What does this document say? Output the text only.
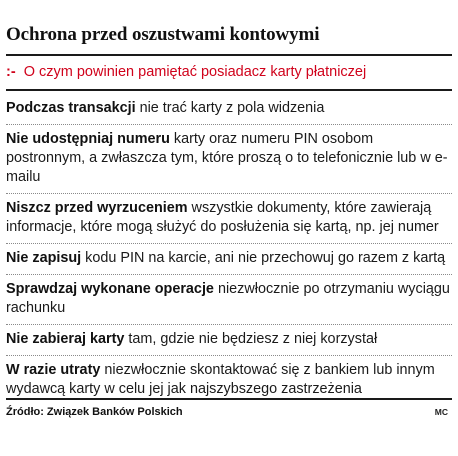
Ochrona przed oszustwami kontowymi
:- O czym powinien pamiętać posiadacz karty płatniczej
Podczas transakcji nie trać karty z pola widzenia
Nie udostępniaj numeru karty oraz numeru PIN osobom postronnym, a zwłaszcza tym, które proszą o to telefonicznie lub w e-mailu
Niszcz przed wyrzuceniem wszystkie dokumenty, które zawierają informacje, które mogą służyć do posłużenia się kartą, np. jej numer
Nie zapisuj kodu PIN na karcie, ani nie przechowuj go razem z kartą
Sprawdzaj wykonane operacje niezwłocznie po otrzymaniu wyciągu rachunku
Nie zabieraj karty tam, gdzie nie będziesz z niej korzystał
W razie utraty niezwłocznie skontaktować się z bankiem lub innym wydawcą karty w celu jej jak najszybszego zastrzeżenia
Źródło: Związek Banków Polskich	MC
